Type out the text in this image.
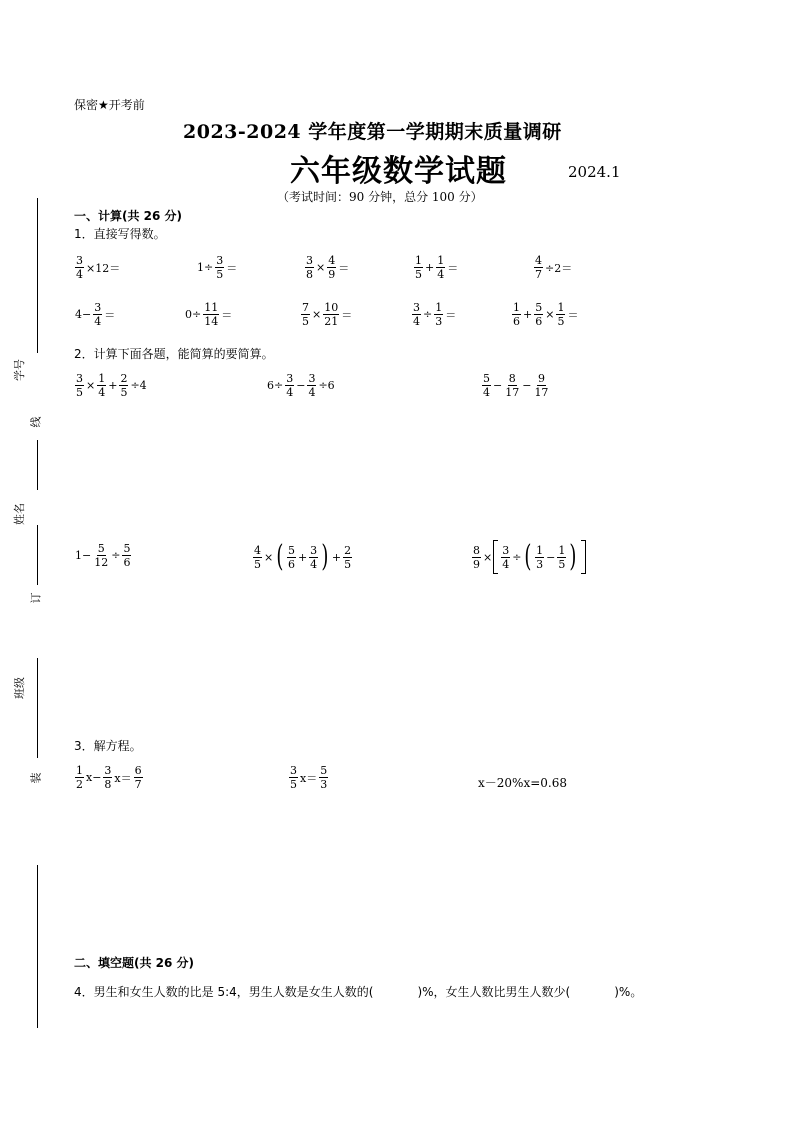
学号
线
姓名
订
班级
装
保密★开考前
2023-2024 学年度第一学期期末质量调研
六年级数学试题	2024.1
（考试时间：90 分钟，总分 100 分）
一、计算(共 26 分)
1．直接写得数。
$\frac{3}{4} \times 12=$	$1\div \frac{3}{5}$ ＝	$\frac{3}{8} \times \frac{4}{9}$ ＝	$\frac{1}{5} + \frac{1}{4}$ ＝	$\frac{4}{7} \div 2=$
$4- \frac{3}{4}$ ＝	$0\div \frac{11}{14}$ ＝	$\frac{7}{5} \times \frac{10}{21}$ ＝	$\frac{3}{4} \div \frac{1}{3}$ ＝	$\frac{1}{6} + \frac{5}{6} \times \frac{1}{5}$ ＝
2．计算下面各题，能简算的要简算。
$\frac{3}{5} \times \frac{1}{4} + \frac{2}{5} \div 4$	$6\div \frac{3}{4} - \frac{3}{4} \div 6$	$\frac{5}{4} - \frac{8}{17} - \frac{9}{17}$
$1- \frac{5}{12} \div \frac{5}{6}$	$\frac{4}{5}$ × ( $\frac{5}{6} + \frac{3}{4}$ ) + $\frac{2}{5}$	$\frac{8}{9} \times \frac{3}{4}$ ÷ ( $\frac{1}{3} - \frac{1}{5}$ )
3．解方程。
$\frac{1}{2} x- \frac{3}{8} x= \frac{6}{7}$	$\frac{3}{5} x= \frac{5}{3}$	x－20%x=0.68
二、填空题(共 26 分)
4．男生和女生人数的比是 5:4，男生人数是女生人数的(	)%，女生人数比男生人数少(	)%。
